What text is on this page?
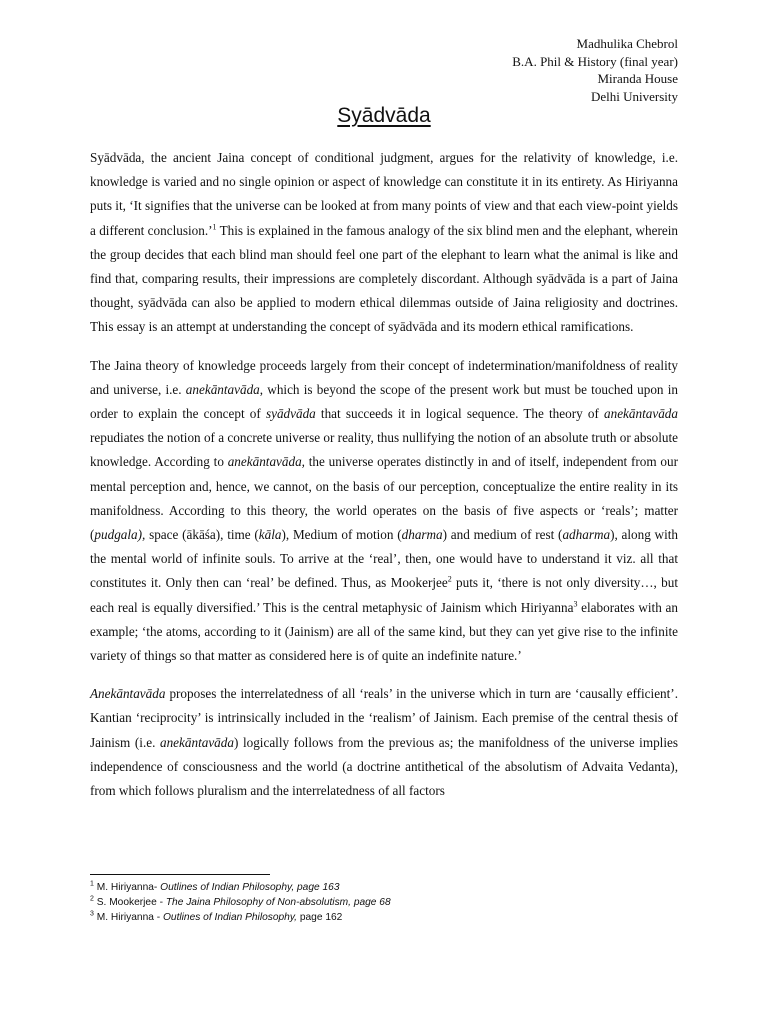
Madhulika Chebrol
B.A. Phil & History (final year)
Miranda House
Delhi University
Syādvāda

Syādvāda, the ancient Jaina concept of conditional judgment, argues for the relativity of knowledge, i.e. knowledge is varied and no single opinion or aspect of knowledge can constitute it in its entirety. As Hiriyanna puts it, ‘It signifies that the universe can be looked at from many points of view and that each view-point yields a different conclusion.’$^1$ This is explained in the famous analogy of the six blind men and the elephant, wherein the group decides that each blind man should feel one part of the elephant to learn what the animal is like and find that, comparing results, their impressions are completely discordant. Although syādvāda is a part of Jaina thought, syādvāda can also be applied to modern ethical dilemmas outside of Jaina religiosity and doctrines. This essay is an attempt at understanding the concept of syādvāda and its modern ethical ramifications.

The Jaina theory of knowledge proceeds largely from their concept of indetermination/manifoldness of reality and universe, i.e. anekāntavāda, which is beyond the scope of the present work but must be touched upon in order to explain the concept of syādvāda that succeeds it in logical sequence. The theory of anekāntavāda repudiates the notion of a concrete universe or reality, thus nullifying the notion of an absolute truth or absolute knowledge. According to anekāntavāda, the universe operates distinctly in and of itself, independent from our mental perception and, hence, we cannot, on the basis of our perception, conceptualize the entire reality in its manifoldness. According to this theory, the world operates on the basis of five aspects or ‘reals’; matter (pudgala), space (ākāśa), time (kāla), Medium of motion (dharma) and medium of rest (adharma), along with the mental world of infinite souls. To arrive at the ‘real’, then, one would have to understand it viz. all that constitutes it. Only then can ‘real’ be defined. Thus, as Mookerjee$^2$ puts it, ‘there is not only diversity…, but each real is equally diversified.’ This is the central metaphysic of Jainism which Hiriyanna$^3$ elaborates with an example; ‘the atoms, according to it (Jainism) are all of the same kind, but they can yet give rise to the infinite variety of things so that matter as considered here is of quite an indefinite nature.’

Anekāntavāda proposes the interrelatedness of all ‘reals’ in the universe which in turn are ‘causally efficient’. Kantian ‘reciprocity’ is intrinsically included in the ‘realism’ of Jainism. Each premise of the central thesis of Jainism (i.e. anekāntavāda) logically follows from the previous as; the manifoldness of the universe implies independence of consciousness and the world (a doctrine antithetical of the absolutism of Advaita Vedanta), from which follows pluralism and the interrelatedness of all factors

$^1$ M. Hiriyanna- Outlines of Indian Philosophy, page 163
$^2$ S. Mookerjee - The Jaina Philosophy of Non-absolutism, page 68
$^3$ M. Hiriyanna - Outlines of Indian Philosophy, page 162
